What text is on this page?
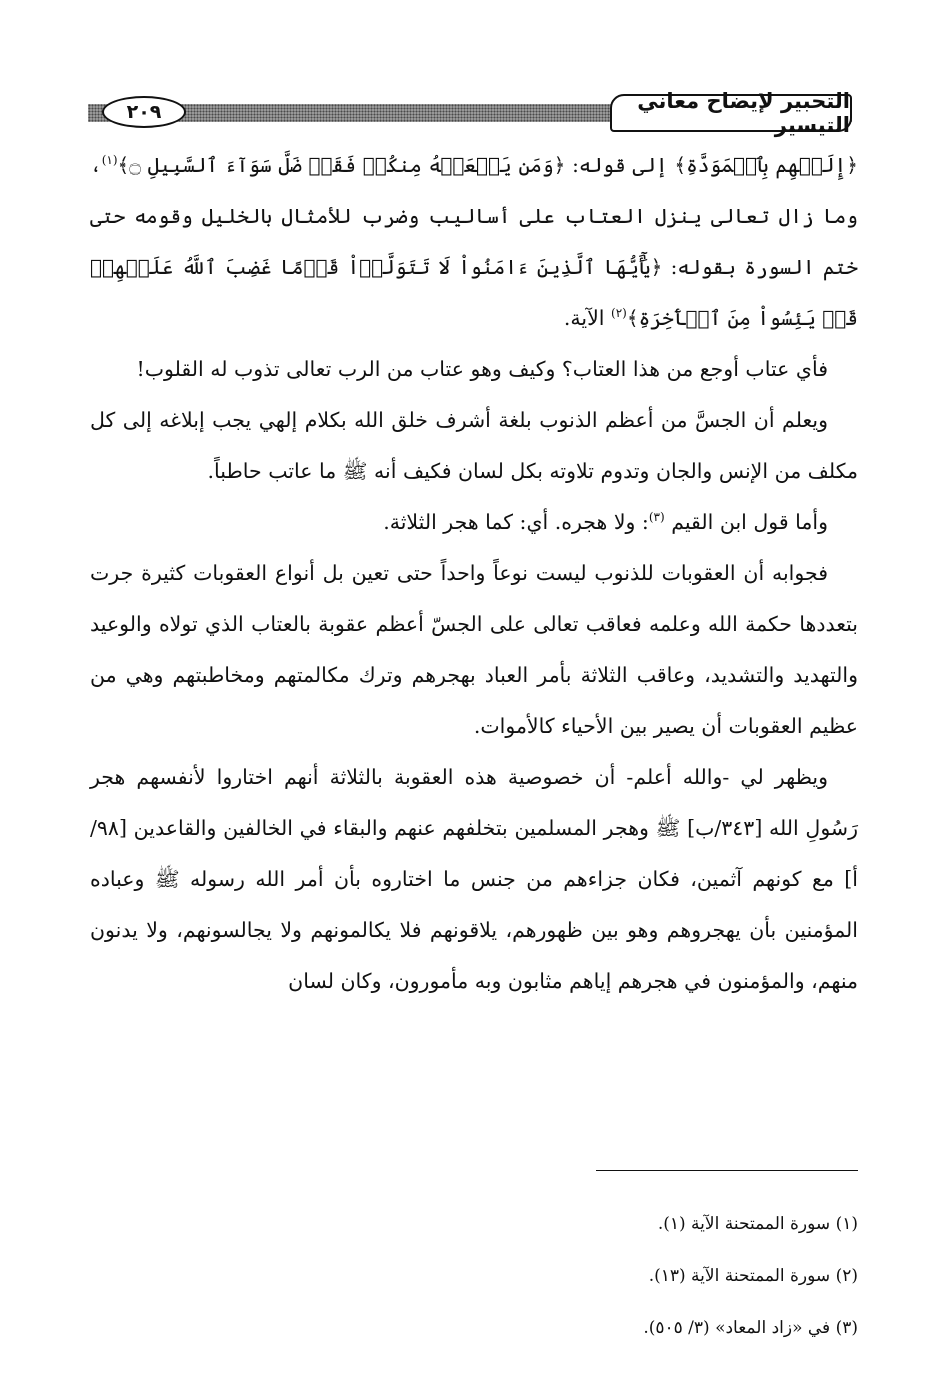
٢٠٩	التحبير لإيضاح معاني التيسير

﴿إِلَيۡهِم بِٱلۡمَوَدَّةِ﴾ إلى قوله: ﴿وَمَن يَفۡعَلۡهُ مِنكُمۡ فَقَدۡ ضَلَّ سَوَآءَ ٱلسَّبِيلِ ۝﴾$^{(١)}$، وما زال تعالى ينزل العتاب على أساليب وضرب للأمثال بالخليل وقومه حتى ختم السورة بقوله: ﴿يَٰٓأَيُّهَا ٱلَّذِينَ ءَامَنُواْ لَا تَتَوَلَّوۡاْ قَوۡمًا غَضِبَ ٱللَّهُ عَلَيۡهِمۡ قَدۡ يَئِسُواْ مِنَ ٱلۡأٓخِرَةِ﴾$^{(٢)}$ الآية.

فأي عتاب أوجع من هذا العتاب؟ وكيف وهو عتاب من الرب تعالى تذوب له القلوب!

ويعلم أن الجسَّ من أعظم الذنوب بلغة أشرف خلق الله بكلام إلهي يجب إبلاغه إلى كل مكلف من الإنس والجان وتدوم تلاوته بكل لسان فكيف أنه ﷺ ما عاتب حاطباً.

وأما قول ابن القيم $^{(٣)}$: ولا هجره. أي: كما هجر الثلاثة.

فجوابه أن العقوبات للذنوب ليست نوعاً واحداً حتى تعين بل أنواع العقوبات كثيرة جرت بتعددها حكمة الله وعلمه فعاقب تعالى على الجسّ أعظم عقوبة بالعتاب الذي تولاه والوعيد والتهديد والتشديد، وعاقب الثلاثة بأمر العباد بهجرهم وترك مكالمتهم ومخاطبتهم وهي من عظيم العقوبات أن يصير بين الأحياء كالأموات.

ويظهر لي -والله أعلم- أن خصوصية هذه العقوبة بالثلاثة أنهم اختاروا لأنفسهم هجر رَسُولِ الله [٣٤٣/ب] ﷺ وهجر المسلمين بتخلفهم عنهم والبقاء في الخالفين والقاعدين [٩٨/أ] مع كونهم آثمين، فكان جزاءهم من جنس ما اختاروه بأن أمر الله رسوله ﷺ وعباده المؤمنين بأن يهجروهم وهو بين ظهورهم، يلاقونهم فلا يكالمونهم ولا يجالسونهم، ولا يدنون منهم، والمؤمنون في هجرهم إياهم مثابون وبه مأمورون، وكان لسان

(١) سورة الممتحنة الآية (١).
(٢) سورة الممتحنة الآية (١٣).
(٣) في «زاد المعاد» (٣/ ٥٠٥).
